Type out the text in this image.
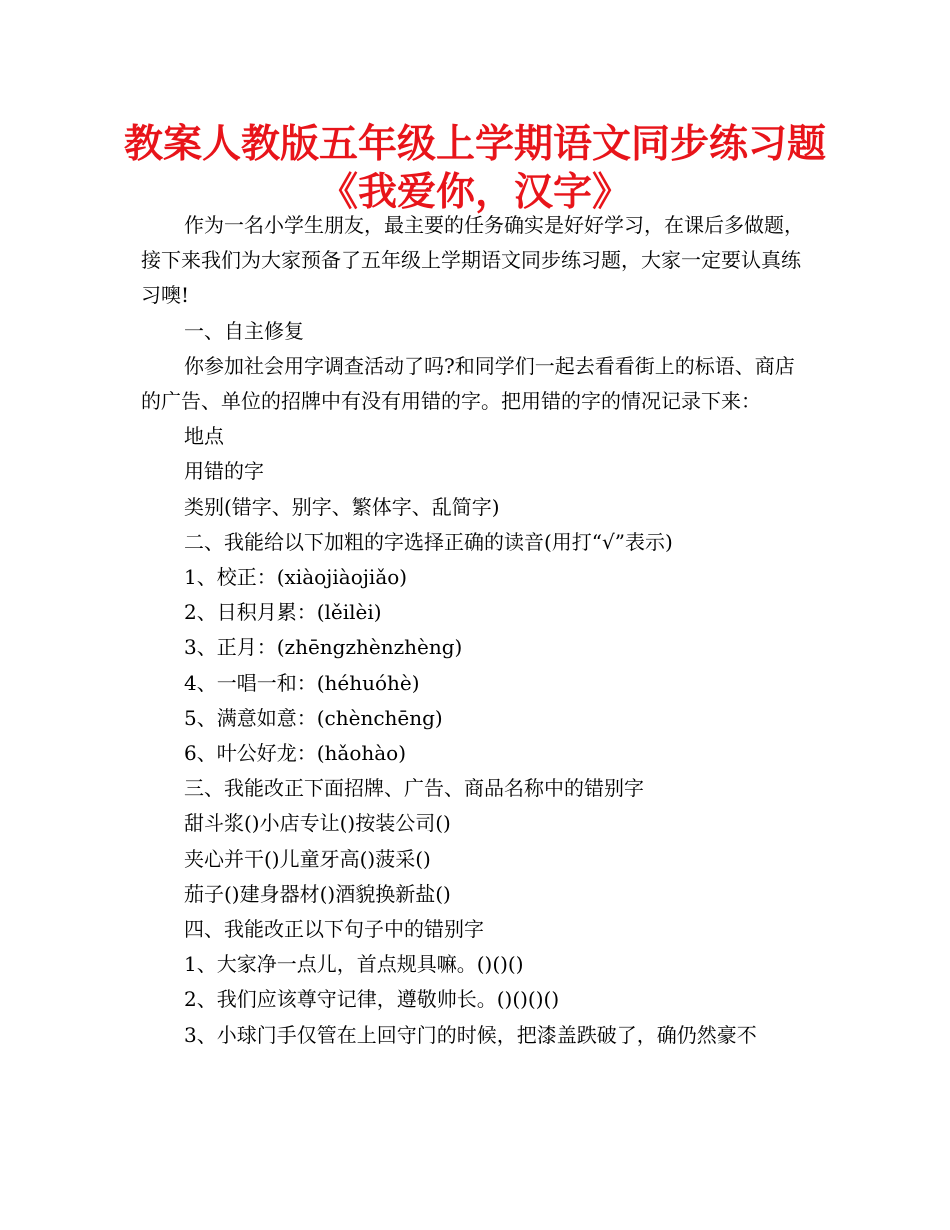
教案人教版五年级上学期语文同步练习题
《我爱你，汉字》

作为一名小学生朋友，最主要的任务确实是好好学习，在课后多做题，接下来我们为大家预备了五年级上学期语文同步练习题，大家一定要认真练习噢!

一、自主修复

你参加社会用字调查活动了吗?和同学们一起去看看街上的标语、商店的广告、单位的招牌中有没有用错的字。把用错的字的情况记录下来：

地点

用错的字

类别(错字、别字、繁体字、乱简字)

二、我能给以下加粗的字选择正确的读音(用打“√”表示)

1、校正：(xiàojiàojiǎo)

2、日积月累：(lěilèi)

3、正月：(zhēngzhènzhèng)

4、一唱一和：(héhuóhè)

5、满意如意：(chènchēng)

6、叶公好龙：(hǎohào)

三、我能改正下面招牌、广告、商品名称中的错别字

甜斗浆()小店专让()按装公司()

夹心并干()儿童牙高()菠采()

茄子()建身器材()酒貌换新盐()

四、我能改正以下句子中的错别字

1、大家净一点儿，首点规具嘛。()()()

2、我们应该尊守记律，遵敬帅长。()()()()

3、小球门手仅管在上回守门的时候，把漆盖跌破了，确仍然豪不
